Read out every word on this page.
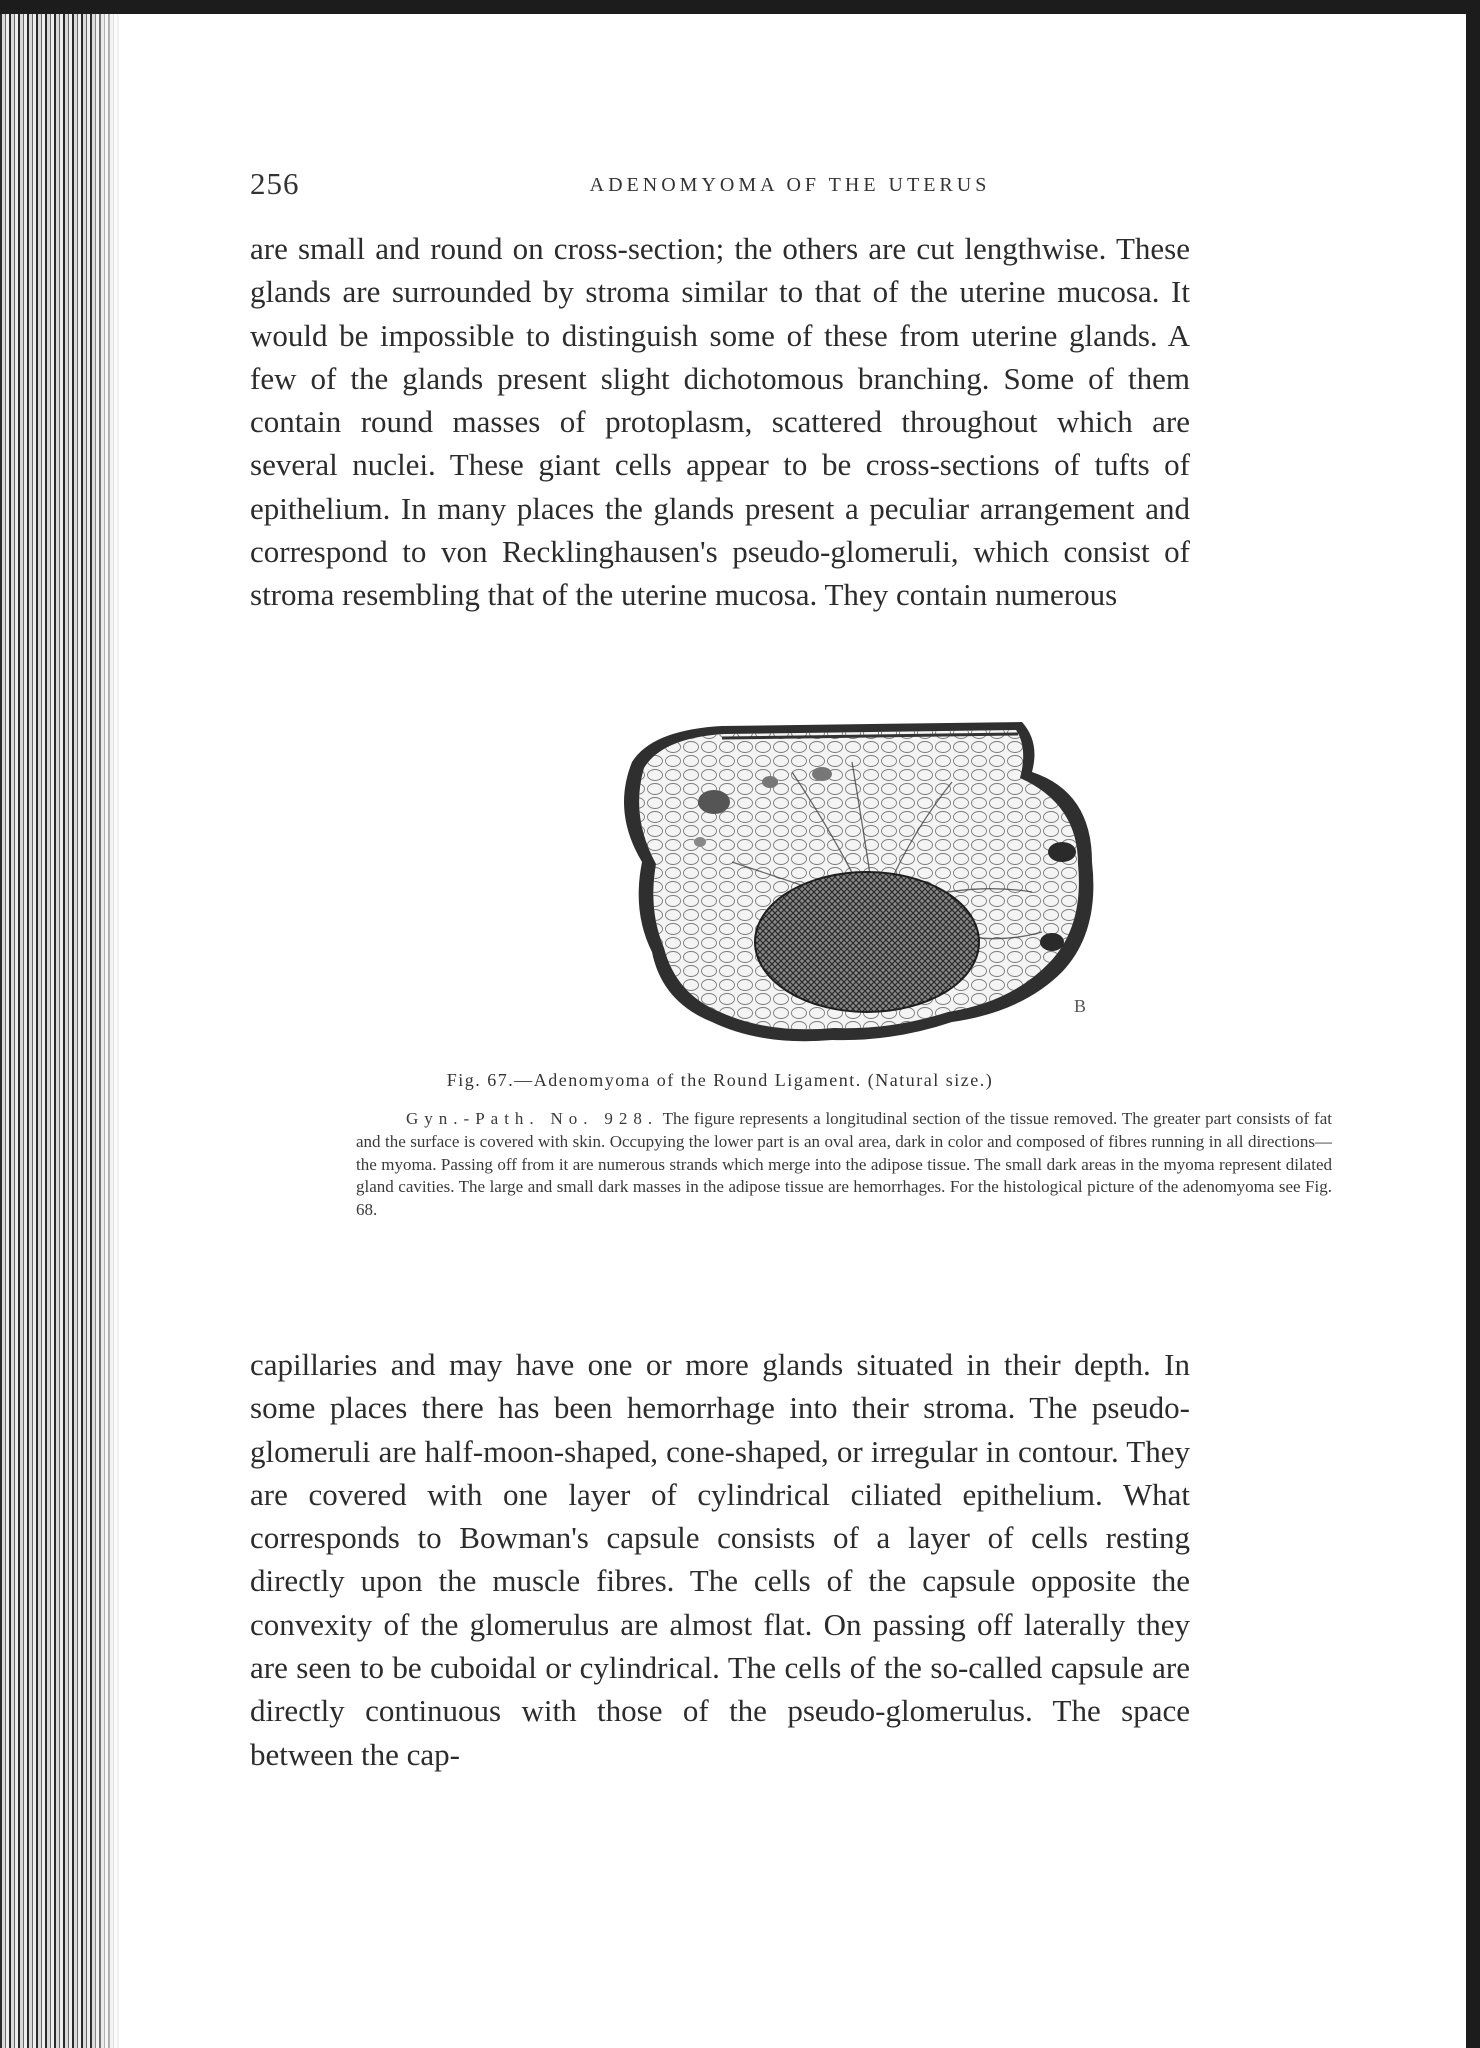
256	ADENOMYOMA OF THE UTERUS

are small and round on cross-section; the others are cut lengthwise. These glands are surrounded by stroma similar to that of the uterine mucosa. It would be impossible to distinguish some of these from uterine glands. A few of the glands present slight dichotomous branching. Some of them contain round masses of protoplasm, scattered throughout which are several nuclei. These giant cells appear to be cross-sections of tufts of epithelium. In many places the glands present a peculiar arrangement and correspond to von Recklinghausen's pseudo-glomeruli, which consist of stroma resembling that of the uterine mucosa. They contain numerous

B
Fig. 67.—Adenomyoma of the Round Ligament. (Natural size.)

Gyn.-Path. No. 928. The figure represents a longitudinal section of the tissue removed. The greater part consists of fat and the surface is covered with skin. Occupying the lower part is an oval area, dark in color and composed of fibres running in all directions—the myoma. Passing off from it are numerous strands which merge into the adipose tissue. The small dark areas in the myoma represent dilated gland cavities. The large and small dark masses in the adipose tissue are hemorrhages. For the histological picture of the adenomyoma see Fig. 68.

capillaries and may have one or more glands situated in their depth. In some places there has been hemorrhage into their stroma. The pseudo-glomeruli are half-moon-shaped, cone-shaped, or irregular in contour. They are covered with one layer of cylindrical ciliated epithelium. What corresponds to Bowman's capsule consists of a layer of cells resting directly upon the muscle fibres. The cells of the capsule opposite the convexity of the glomerulus are almost flat. On passing off laterally they are seen to be cuboidal or cylindrical. The cells of the so-called capsule are directly continuous with those of the pseudo-glomerulus. The space between the cap-
